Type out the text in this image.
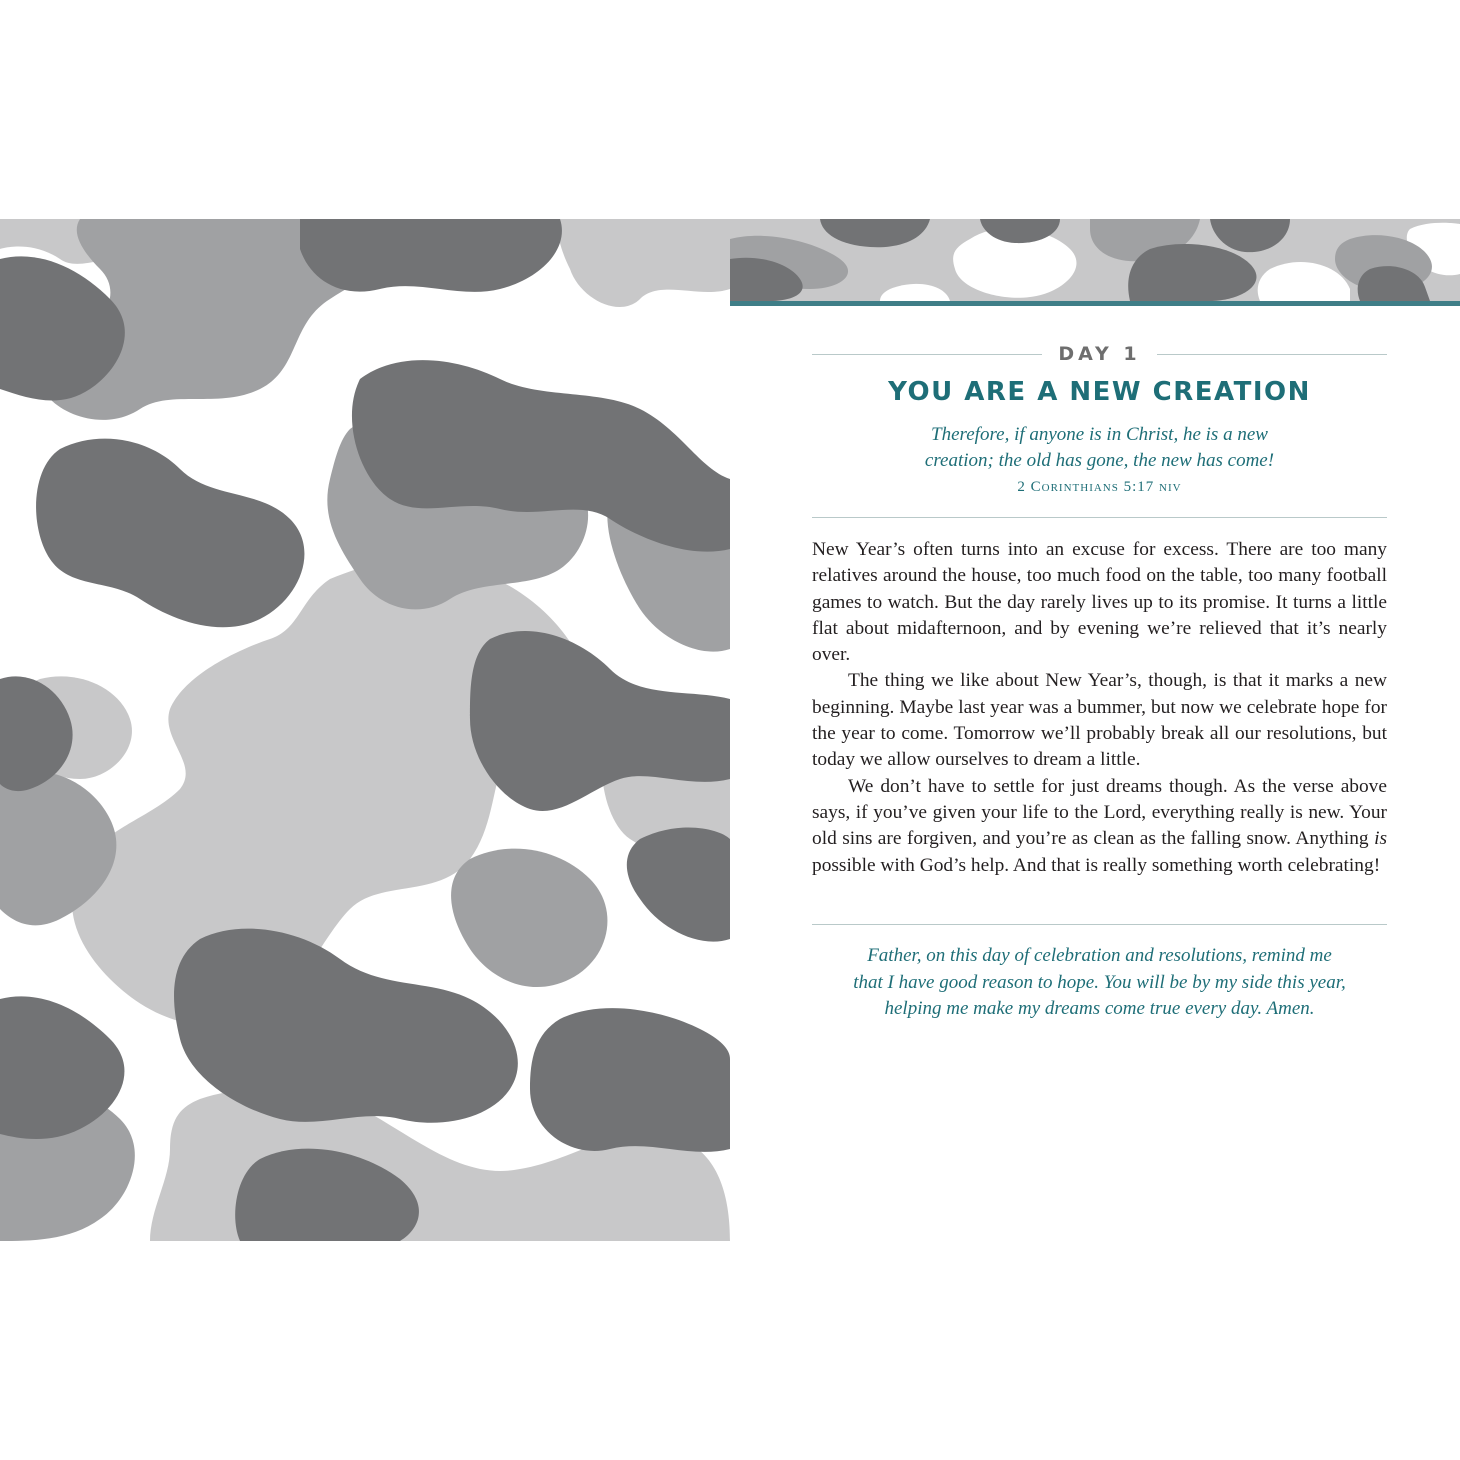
DAY 1
YOU ARE A NEW CREATION
Therefore, if anyone is in Christ, he is a new
creation; the old has gone, the new has come!
2 Corinthians 5:17 niv

New Year’s often turns into an excuse for excess. There are too many relatives around the house, too much food on the table, too many football games to watch. But the day rarely lives up to its promise. It turns a little flat about midafternoon, and by evening we’re relieved that it’s nearly over.

The thing we like about New Year’s, though, is that it marks a new beginning. Maybe last year was a bummer, but now we celebrate hope for the year to come. Tomorrow we’ll probably break all our resolutions, but today we allow ourselves to dream a little.

We don’t have to settle for just dreams though. As the verse above says, if you’ve given your life to the Lord, everything really is new. Your old sins are forgiven, and you’re as clean as the falling snow. Anything is possible with God’s help. And that is really something worth celebrating!

Father, on this day of celebration and resolutions, remind me
that I have good reason to hope. You will be by my side this year,
helping me make my dreams come true every day. Amen.
